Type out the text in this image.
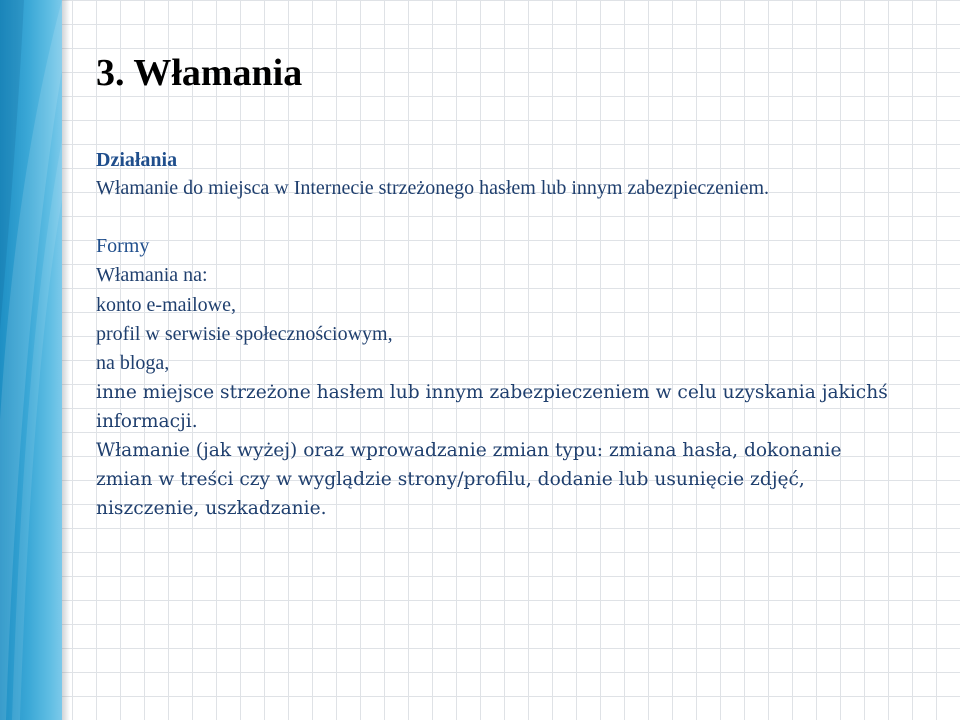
3. Włamania

Działania

Włamanie do miejsca w Internecie strzeżonego hasłem lub innym zabezpieczeniem.

Formy

Włamania na:

konto e-mailowe,

profil w serwisie społecznościowym,

na bloga,

inne miejsce strzeżone hasłem lub innym zabezpieczeniem w celu uzyskania jakichś

informacji.

Włamanie (jak wyżej) oraz wprowadzanie zmian typu: zmiana hasła, dokonanie

zmian w treści czy w wyglądzie strony/profilu, dodanie lub usunięcie zdjęć,

niszczenie, uszkadzanie.
